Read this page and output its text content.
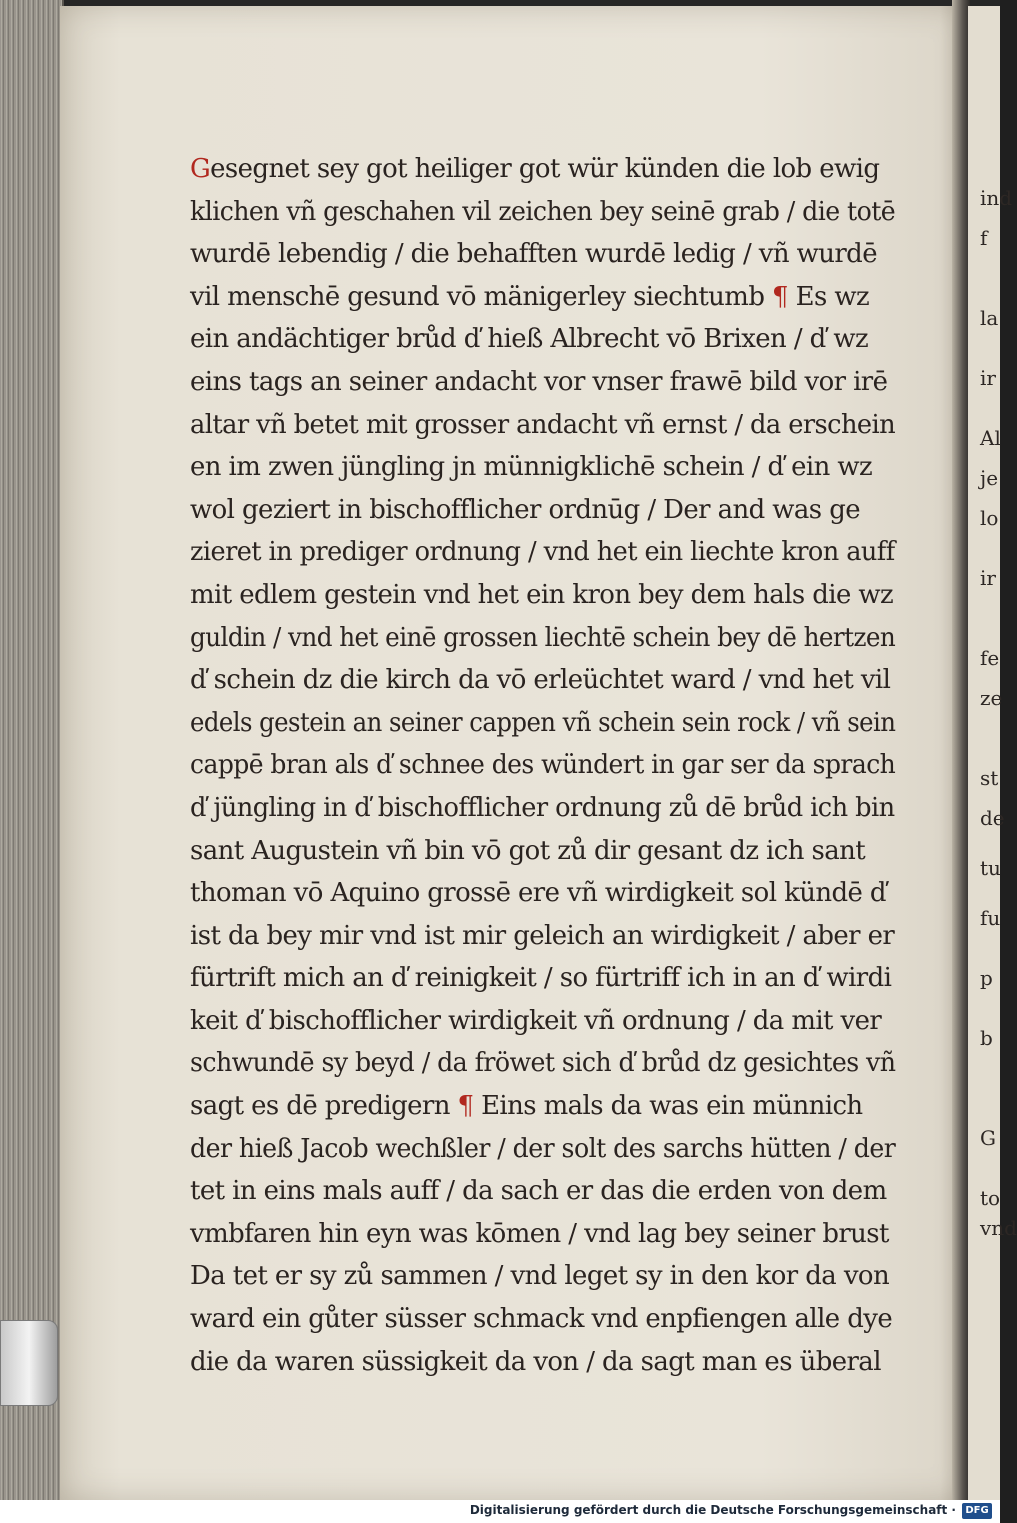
ind
f
la
ir
Al
je
lo
ir
fe
ze
st
de
tu
fu
p
b
G
to
vnd
Gesegnet sey got heiliger got wür künden die lob ewig
klichen vñ geschahen vil zeichen bey seinē grab / die totē
wurdē lebendig / die behafften wurdē ledig / vñ wurdē
vil menschē gesund vō mänigerley siechtumb ¶ Es wz
ein andächtiger brůd ď hieß Albrecht vō Brixen / ď wz
eins tags an seiner andacht vor vnser frawē bild vor irē
altar vñ betet mit grosser andacht vñ ernst / da erschein
en im zwen jüngling jn münnigklichē schein / ď ein wz
wol geziert in bischofflicher ordnūg / Der and was ge
zieret in prediger ordnung / vnd het ein liechte kron auff
mit edlem gestein vnd het ein kron bey dem hals die wz
guldin / vnd het einē grossen liechtē schein bey dē hertzen
ď schein dz die kirch da vō erleüchtet ward / vnd het vil
edels gestein an seiner cappen vñ schein sein rock / vñ sein
cappē bran als ď schnee des wündert in gar ser da sprach
ď jüngling in ď bischofflicher ordnung zů dē brůd ich bin
sant Augustein vñ bin vō got zů dir gesant dz ich sant
thoman vō Aquino grossē ere vñ wirdigkeit sol kündē ď
ist da bey mir vnd ist mir geleich an wirdigkeit / aber er
fürtrift mich an ď reinigkeit / so fürtriff ich in an ď wirdi
keit ď bischofflicher wirdigkeit vñ ordnung / da mit ver
schwundē sy beyd / da fröwet sich ď brůd dz gesichtes vñ
sagt es dē predigern ¶ Eins mals da was ein münnich
der hieß Jacob wechßler / der solt des sarchs hütten / der
tet in eins mals auff / da sach er das die erden von dem
vmbfaren hin eyn was kōmen / vnd lag bey seiner brust
Da tet er sy zů sammen / vnd leget sy in den kor da von
ward ein gůter süsser schmack vnd enpfiengen alle dye
die da waren süssigkeit da von / da sagt man es überal
Digitalisierung gefördert durch die Deutsche Forschungsgemeinschaft · DFG
